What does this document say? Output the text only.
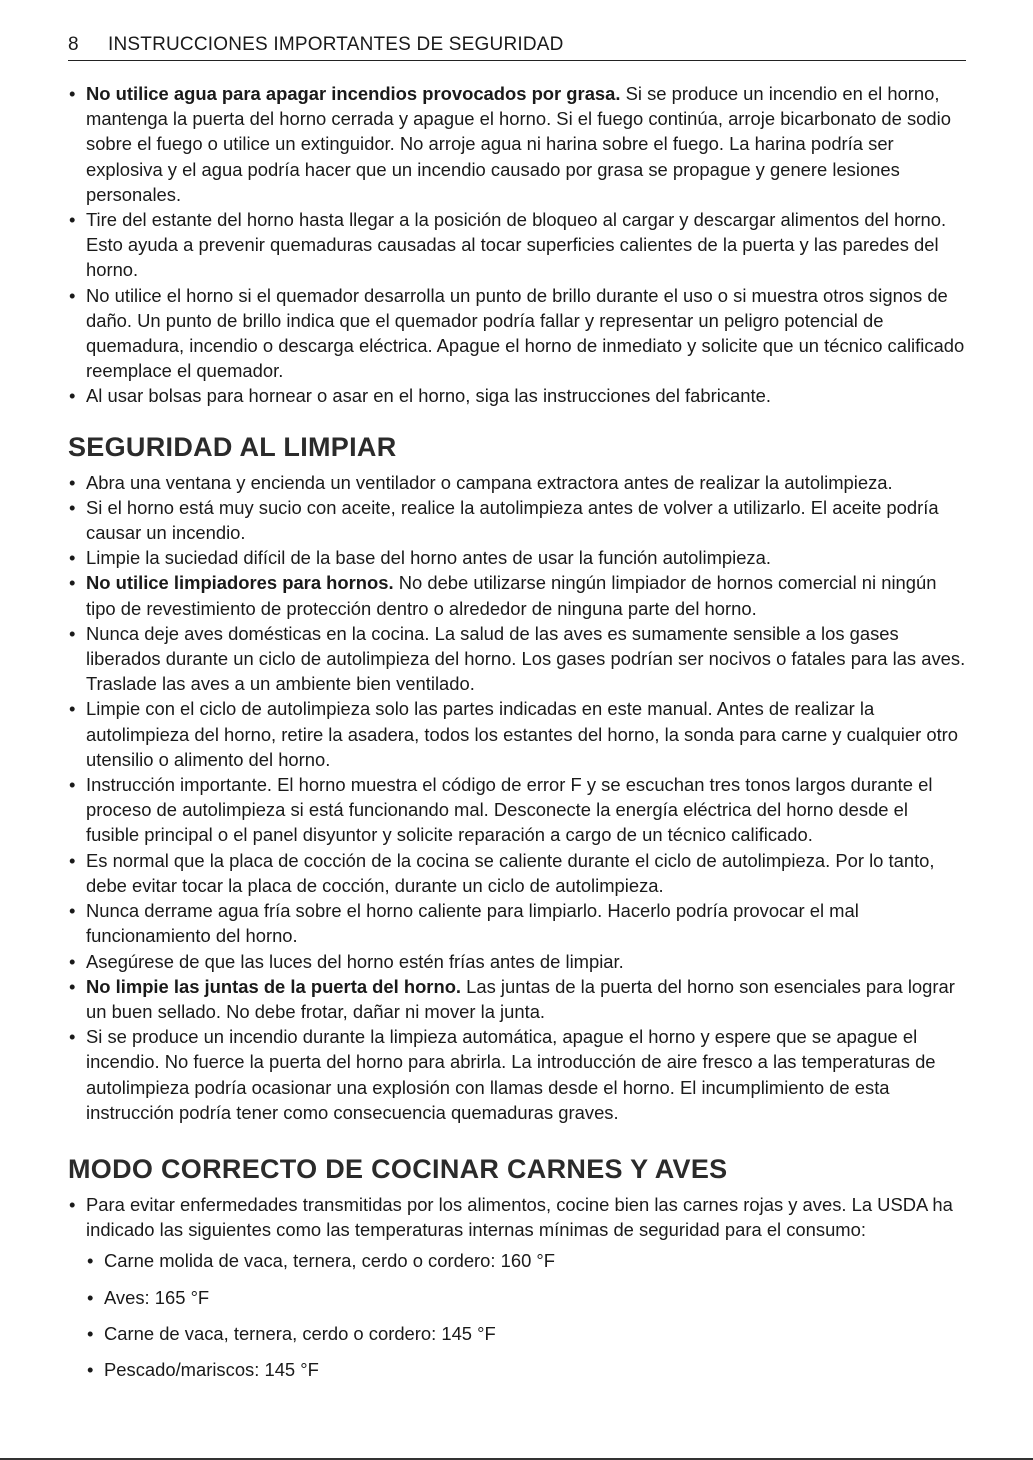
8	INSTRUCCIONES IMPORTANTES DE SEGURIDAD
• No utilice agua para apagar incendios provocados por grasa. Si se produce un incendio en el horno, mantenga la puerta del horno cerrada y apague el horno. Si el fuego continúa, arroje bicarbonato de sodio sobre el fuego o utilice un extinguidor. No arroje agua ni harina sobre el fuego. La harina podría ser explosiva y el agua podría hacer que un incendio causado por grasa se propague y genere lesiones personales.
• Tire del estante del horno hasta llegar a la posición de bloqueo al cargar y descargar alimentos del horno. Esto ayuda a prevenir quemaduras causadas al tocar superficies calientes de la puerta y las paredes del horno.
• No utilice el horno si el quemador desarrolla un punto de brillo durante el uso o si muestra otros signos de daño. Un punto de brillo indica que el quemador podría fallar y representar un peligro potencial de quemadura, incendio o descarga eléctrica. Apague el horno de inmediato y solicite que un técnico calificado reemplace el quemador.
• Al usar bolsas para hornear o asar en el horno, siga las instrucciones del fabricante.
SEGURIDAD AL LIMPIAR
• Abra una ventana y encienda un ventilador o campana extractora antes de realizar la autolimpieza.
• Si el horno está muy sucio con aceite, realice la autolimpieza antes de volver a utilizarlo. El aceite podría causar un incendio.
• Limpie la suciedad difícil de la base del horno antes de usar la función autolimpieza.
• No utilice limpiadores para hornos. No debe utilizarse ningún limpiador de hornos comercial ni ningún tipo de revestimiento de protección dentro o alrededor de ninguna parte del horno.
• Nunca deje aves domésticas en la cocina. La salud de las aves es sumamente sensible a los gases liberados durante un ciclo de autolimpieza del horno. Los gases podrían ser nocivos o fatales para las aves. Traslade las aves a un ambiente bien ventilado.
• Limpie con el ciclo de autolimpieza solo las partes indicadas en este manual. Antes de realizar la autolimpieza del horno, retire la asadera, todos los estantes del horno, la sonda para carne y cualquier otro utensilio o alimento del horno.
• Instrucción importante. El horno muestra el código de error F y se escuchan tres tonos largos durante el proceso de autolimpieza si está funcionando mal. Desconecte la energía eléctrica del horno desde el fusible principal o el panel disyuntor y solicite reparación a cargo de un técnico calificado.
• Es normal que la placa de cocción de la cocina se caliente durante el ciclo de autolimpieza. Por lo tanto, debe evitar tocar la placa de cocción, durante un ciclo de autolimpieza.
• Nunca derrame agua fría sobre el horno caliente para limpiarlo. Hacerlo podría provocar el mal funcionamiento del horno.
• Asegúrese de que las luces del horno estén frías antes de limpiar.
• No limpie las juntas de la puerta del horno. Las juntas de la puerta del horno son esenciales para lograr un buen sellado. No debe frotar, dañar ni mover la junta.
• Si se produce un incendio durante la limpieza automática, apague el horno y espere que se apague el incendio. No fuerce la puerta del horno para abrirla. La introducción de aire fresco a las temperaturas de autolimpieza podría ocasionar una explosión con llamas desde el horno. El incumplimiento de esta instrucción podría tener como consecuencia quemaduras graves.
MODO CORRECTO DE COCINAR CARNES Y AVES
• Para evitar enfermedades transmitidas por los alimentos, cocine bien las carnes rojas y aves. La USDA ha indicado las siguientes como las temperaturas internas mínimas de seguridad para el consumo:
• Carne molida de vaca, ternera, cerdo o cordero: 160 °F
• Aves: 165 °F
• Carne de vaca, ternera, cerdo o cordero: 145 °F
• Pescado/mariscos: 145 °F
